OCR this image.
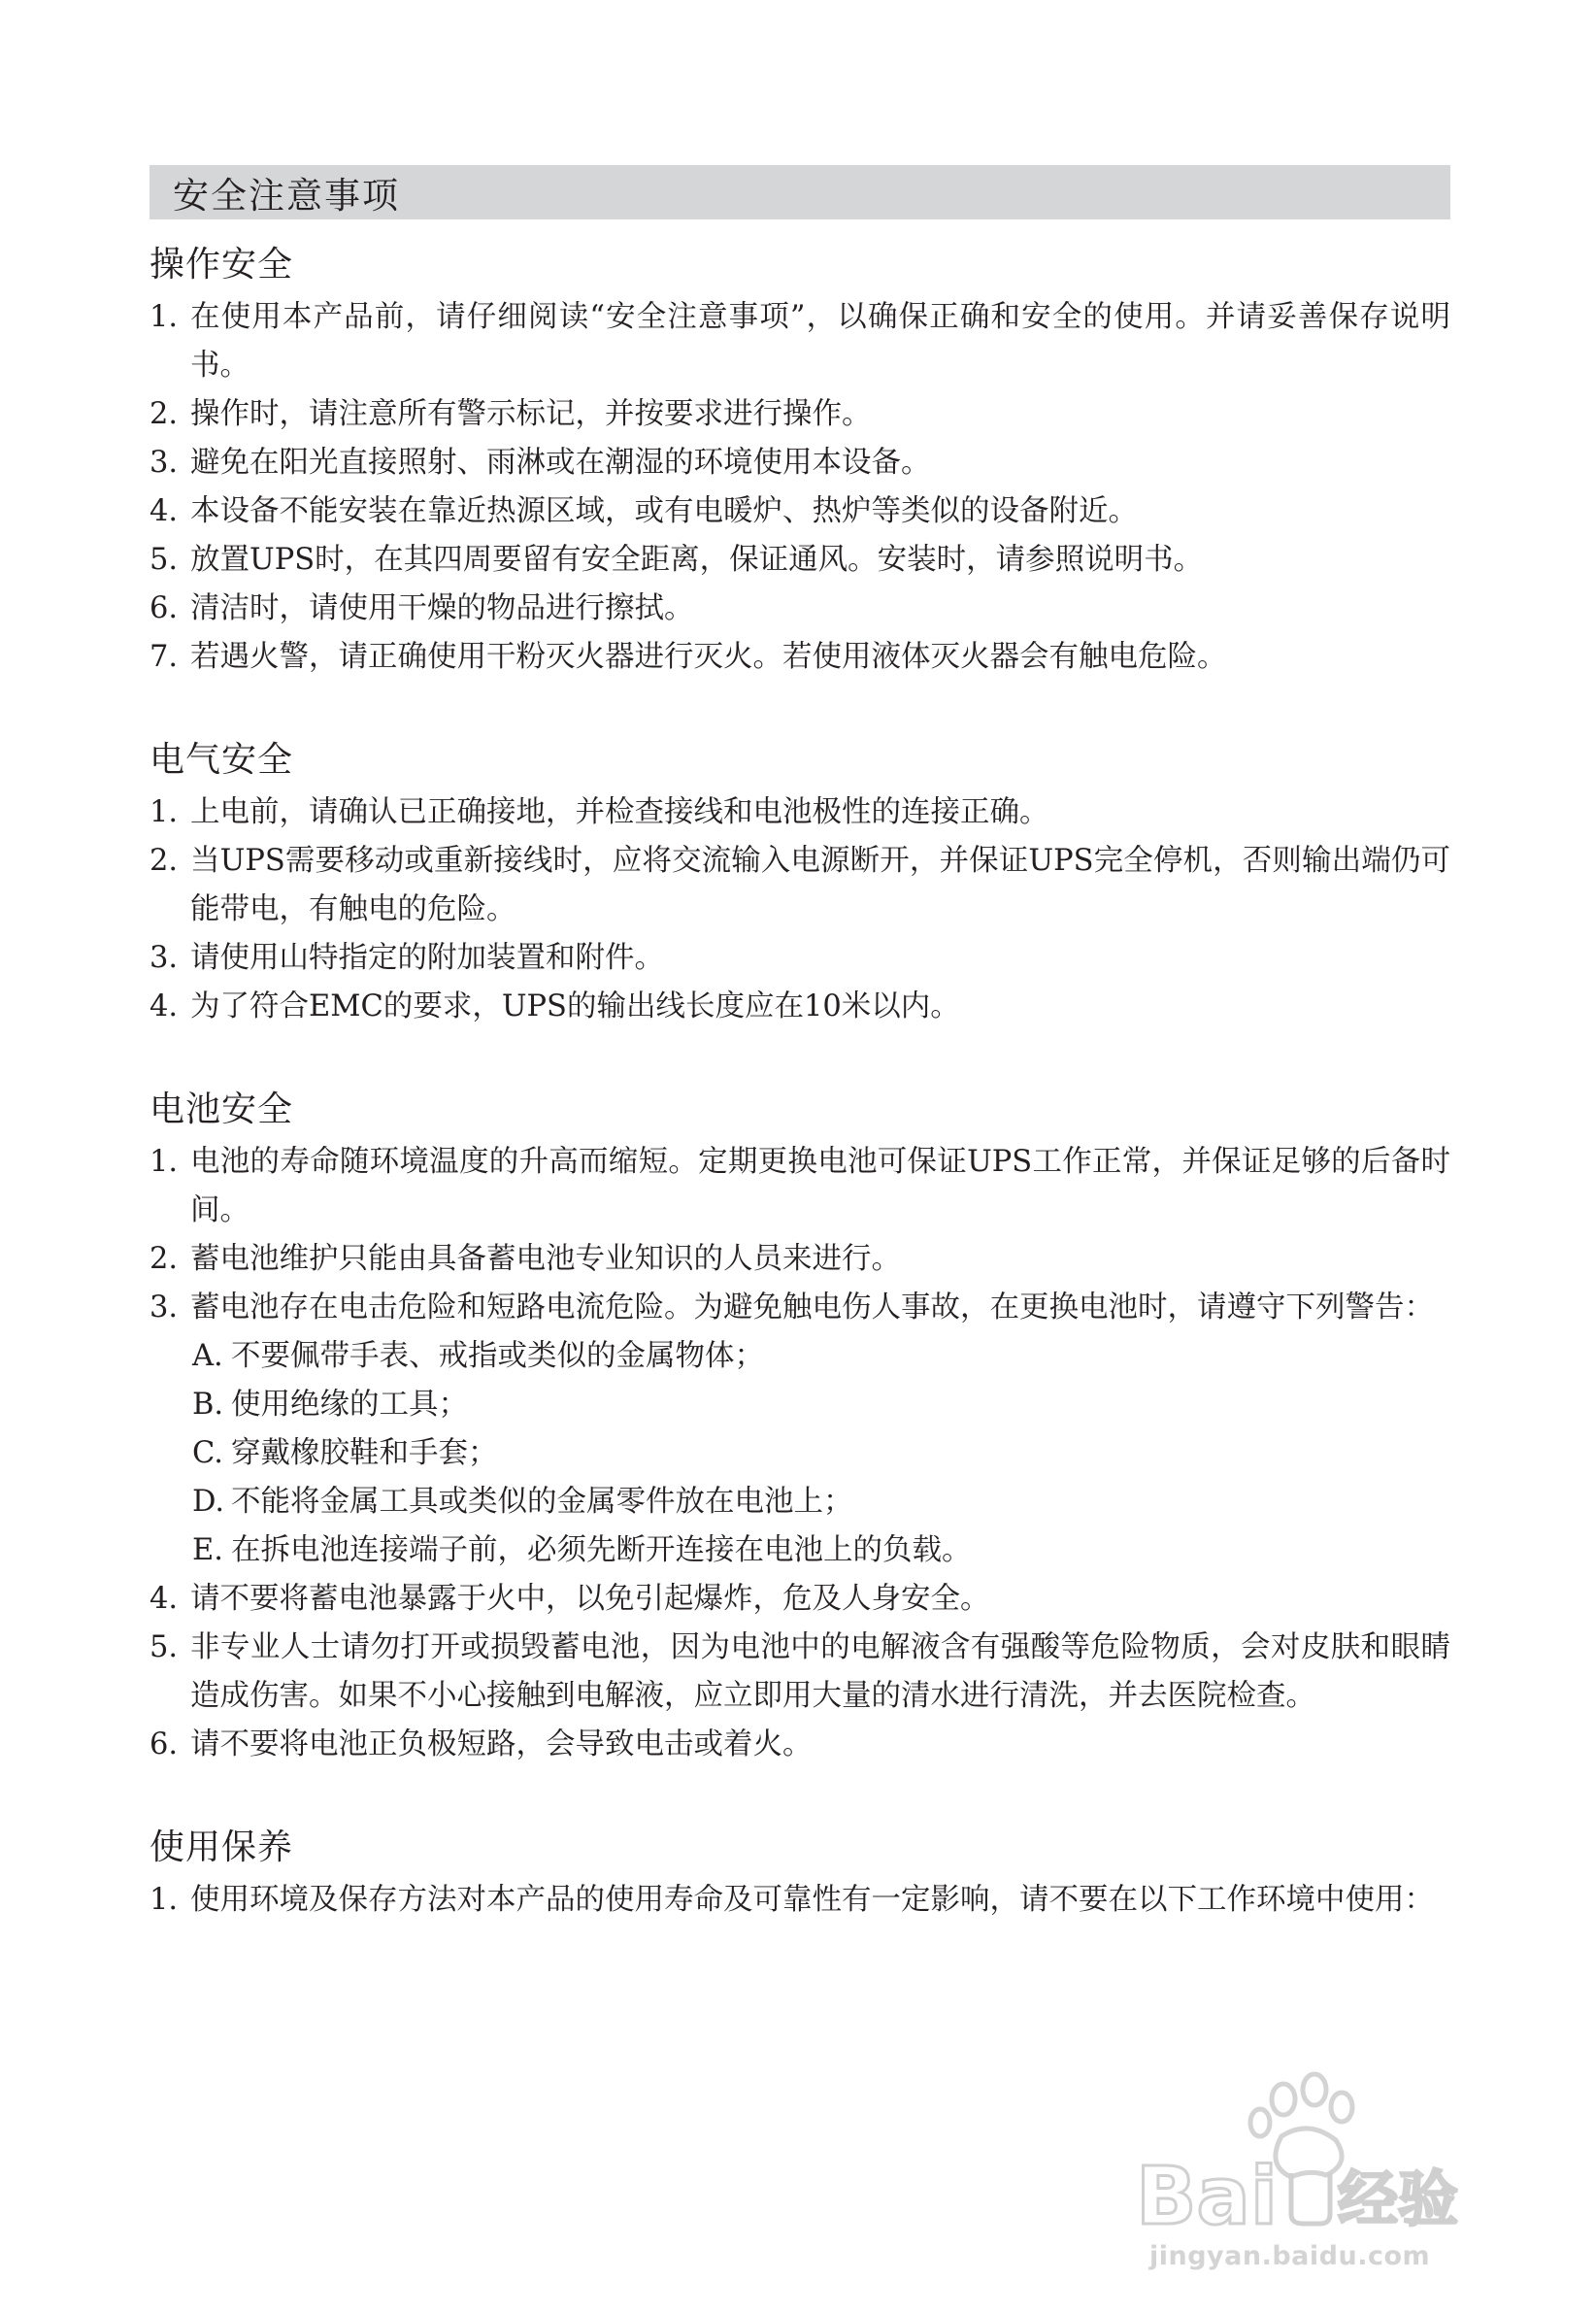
安全注意事项
操作安全
1. 在使用本产品前，请仔细阅读“安全注意事项”，以确保正确和安全的使用。并请妥善保存说明书。
2. 操作时，请注意所有警示标记，并按要求进行操作。
3. 避免在阳光直接照射、雨淋或在潮湿的环境使用本设备。
4. 本设备不能安装在靠近热源区域，或有电暖炉、热炉等类似的设备附近。
5. 放置UPS时，在其四周要留有安全距离，保证通风。安装时，请参照说明书。
6. 清洁时，请使用干燥的物品进行擦拭。
7. 若遇火警，请正确使用干粉灭火器进行灭火。若使用液体灭火器会有触电危险。
电气安全
1. 上电前，请确认已正确接地，并检查接线和电池极性的连接正确。
2. 当UPS需要移动或重新接线时，应将交流输入电源断开，并保证UPS完全停机，否则输出端仍可能带电，有触电的危险。
3. 请使用山特指定的附加装置和附件。
4. 为了符合EMC的要求，UPS的输出线长度应在10米以内。
电池安全
1. 电池的寿命随环境温度的升高而缩短。定期更换电池可保证UPS工作正常，并保证足够的后备时间。
2. 蓄电池维护只能由具备蓄电池专业知识的人员来进行。
3. 蓄电池存在电击危险和短路电流危险。为避免触电伤人事故，在更换电池时，请遵守下列警告：
A. 不要佩带手表、戒指或类似的金属物体；
B. 使用绝缘的工具；
C. 穿戴橡胶鞋和手套；
D. 不能将金属工具或类似的金属零件放在电池上；
E. 在拆电池连接端子前，必须先断开连接在电池上的负载。
4. 请不要将蓄电池暴露于火中，以免引起爆炸，危及人身安全。
5. 非专业人士请勿打开或损毁蓄电池，因为电池中的电解液含有强酸等危险物质，会对皮肤和眼睛造成伤害。如果不小心接触到电解液，应立即用大量的清水进行清洗，并去医院检查。
6. 请不要将电池正负极短路，会导致电击或着火。
使用保养
1. 使用环境及保存方法对本产品的使用寿命及可靠性有一定影响，请不要在以下工作环境中使用：
Bai 经验
jingyan.baidu.com
